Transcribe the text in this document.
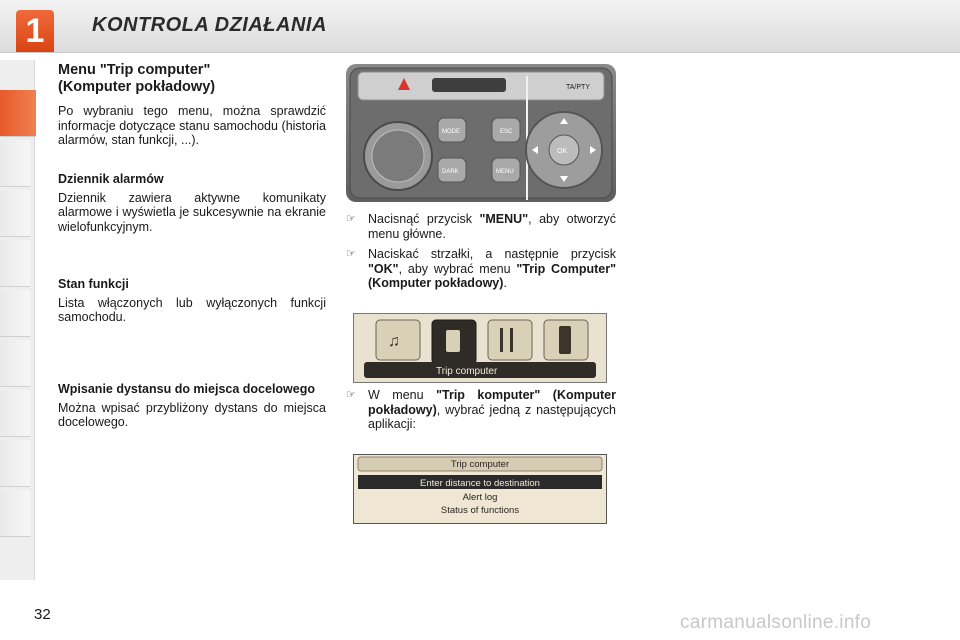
1	KONTROLA DZIAŁANIA
Menu "Trip computer"
(Komputer pokładowy)

Po wybraniu tego menu, można sprawdzić informacje dotyczące stanu samochodu (historia alarmów, stan funkcji, ...).

Dziennik alarmów

Dziennik zawiera aktywne komunikaty alarmowe i wyświetla je sukcesywnie na ekranie wielofunkcyjnym.

Stan funkcji

Lista włączonych lub wyłączonych funkcji samochodu.

Wpisanie dystansu do miejsca docelowego

Można wpisać przybliżony dystans do miejsca docelowego.

TA/PTY
MODE
DARK
ESC
MENU
OK
☞ Nacisnąć przycisk "MENU", aby otworzyć menu główne.
☞ Naciskać strzałki, a następnie przycisk "OK", aby wybrać menu "Trip Computer" (Komputer pokładowy).
♫
Trip computer
☞ W menu "Trip komputer" (Komputer pokładowy), wybrać jedną z następujących aplikacji:
Trip computer
Enter distance to destination
Alert log
Status of functions
32	carmanualsonline.info
